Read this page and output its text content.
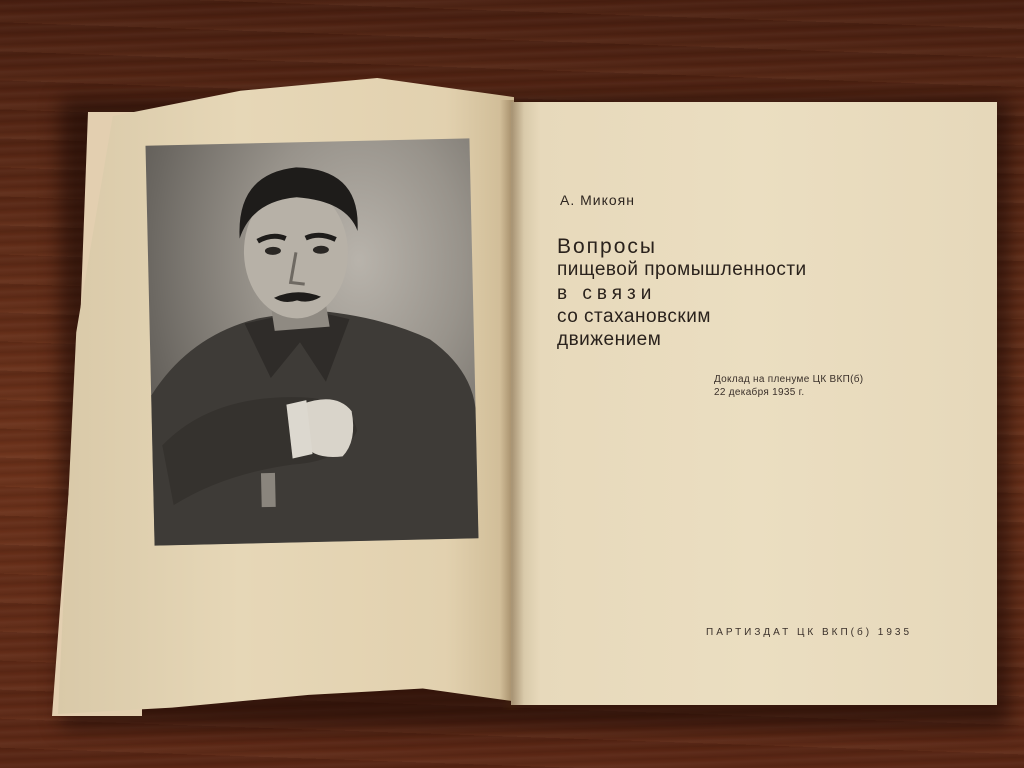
А. Микоян
Вопросы
пищевой промышленности
в связи
со стахановским
движением
Доклад на пленуме ЦК ВКП(б)
22 декабря 1935 г.
ПАРТИЗДАТ ЦК ВКП(б) 1935
